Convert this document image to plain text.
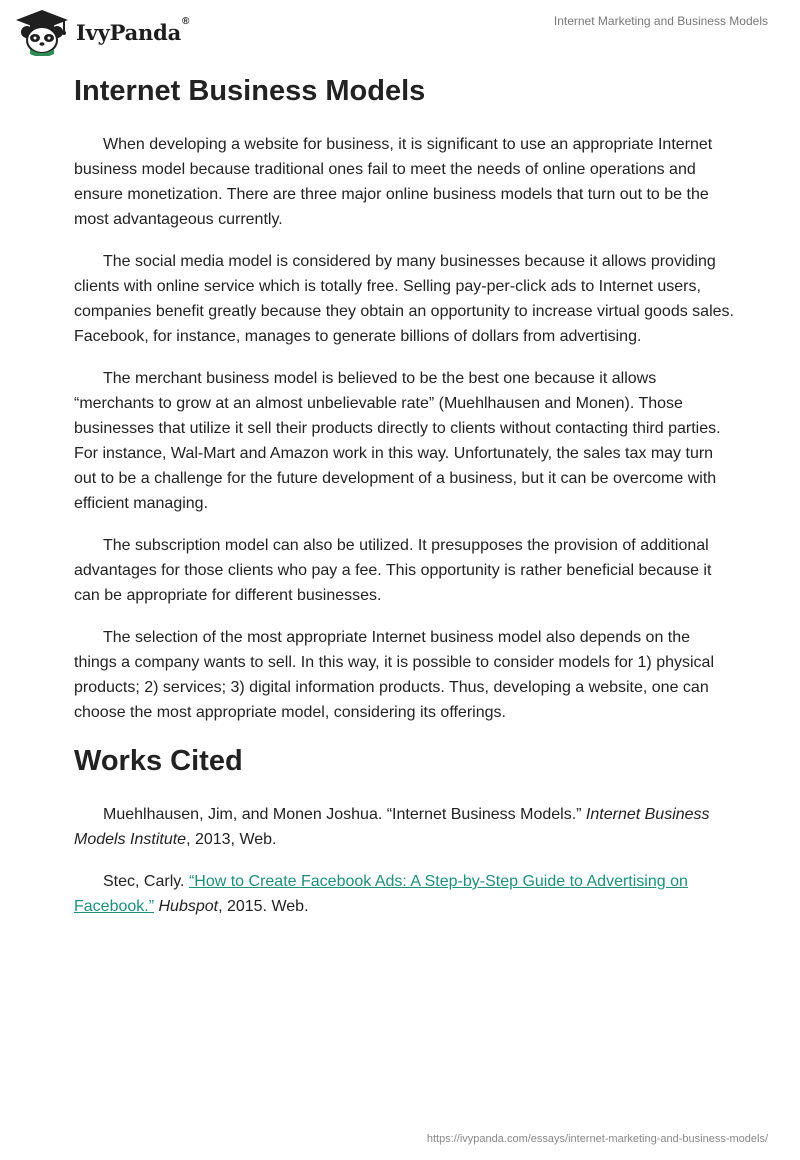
IvyPanda®	Internet Marketing and Business Models
Internet Business Models

When developing a website for business, it is significant to use an appropriate Internet business model because traditional ones fail to meet the needs of online operations and ensure monetization. There are three major online business models that turn out to be the most advantageous currently.

The social media model is considered by many businesses because it allows providing clients with online service which is totally free. Selling pay-per-click ads to Internet users, companies benefit greatly because they obtain an opportunity to increase virtual goods sales. Facebook, for instance, manages to generate billions of dollars from advertising.

The merchant business model is believed to be the best one because it allows “merchants to grow at an almost unbelievable rate” (Muehlhausen and Monen). Those businesses that utilize it sell their products directly to clients without contacting third parties. For instance, Wal-Mart and Amazon work in this way. Unfortunately, the sales tax may turn out to be a challenge for the future development of a business, but it can be overcome with efficient managing.

The subscription model can also be utilized. It presupposes the provision of additional advantages for those clients who pay a fee. This opportunity is rather beneficial because it can be appropriate for different businesses.

The selection of the most appropriate Internet business model also depends on the things a company wants to sell. In this way, it is possible to consider models for 1) physical products; 2) services; 3) digital information products. Thus, developing a website, one can choose the most appropriate model, considering its offerings.

Works Cited

Muehlhausen, Jim, and Monen Joshua. “Internet Business Models.” Internet Business Models Institute, 2013, Web.

Stec, Carly. “How to Create Facebook Ads: A Step-by-Step Guide to Advertising on Facebook.” Hubspot, 2015. Web.

https://ivypanda.com/essays/internet-marketing-and-business-models/
